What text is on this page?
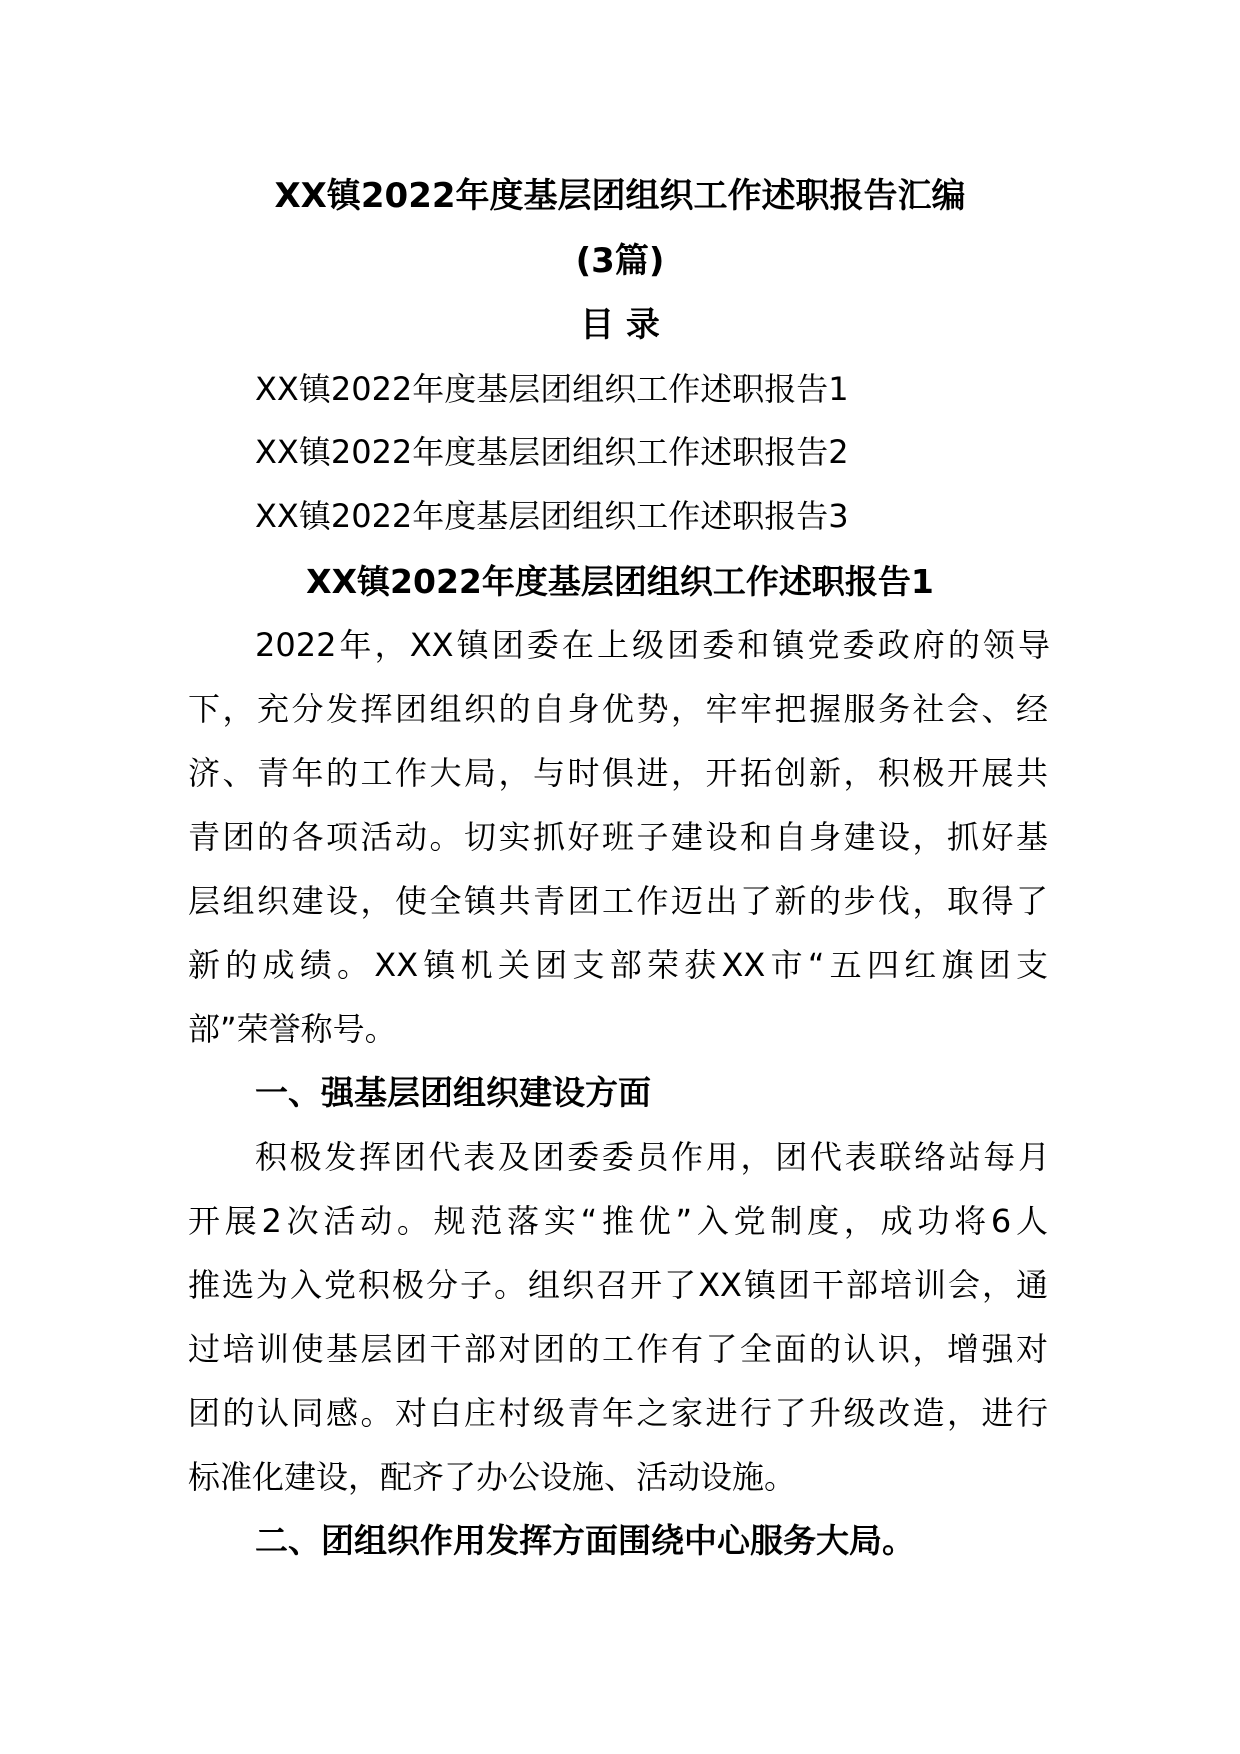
XX镇2022年度基层团组织工作述职报告汇编
(3篇)
目 录
XX镇2022年度基层团组织工作述职报告1
XX镇2022年度基层团组织工作述职报告2
XX镇2022年度基层团组织工作述职报告3
XX镇2022年度基层团组织工作述职报告1
2022年，XX镇团委在上级团委和镇党委政府的领导
下，充分发挥团组织的自身优势，牢牢把握服务社会、经
济、青年的工作大局，与时俱进，开拓创新，积极开展共
青团的各项活动。切实抓好班子建设和自身建设，抓好基
层组织建设，使全镇共青团工作迈出了新的步伐，取得了
新的成绩。XX镇机关团支部荣获XX市“五四红旗团支
部”荣誉称号。
一、强基层团组织建设方面
积极发挥团代表及团委委员作用，团代表联络站每月
开展2次活动。规范落实“推优”入党制度，成功将6人
推选为入党积极分子。组织召开了XX镇团干部培训会，通
过培训使基层团干部对团的工作有了全面的认识，增强对
团的认同感。对白庄村级青年之家进行了升级改造，进行
标准化建设，配齐了办公设施、活动设施。
二、团组织作用发挥方面围绕中心服务大局。
